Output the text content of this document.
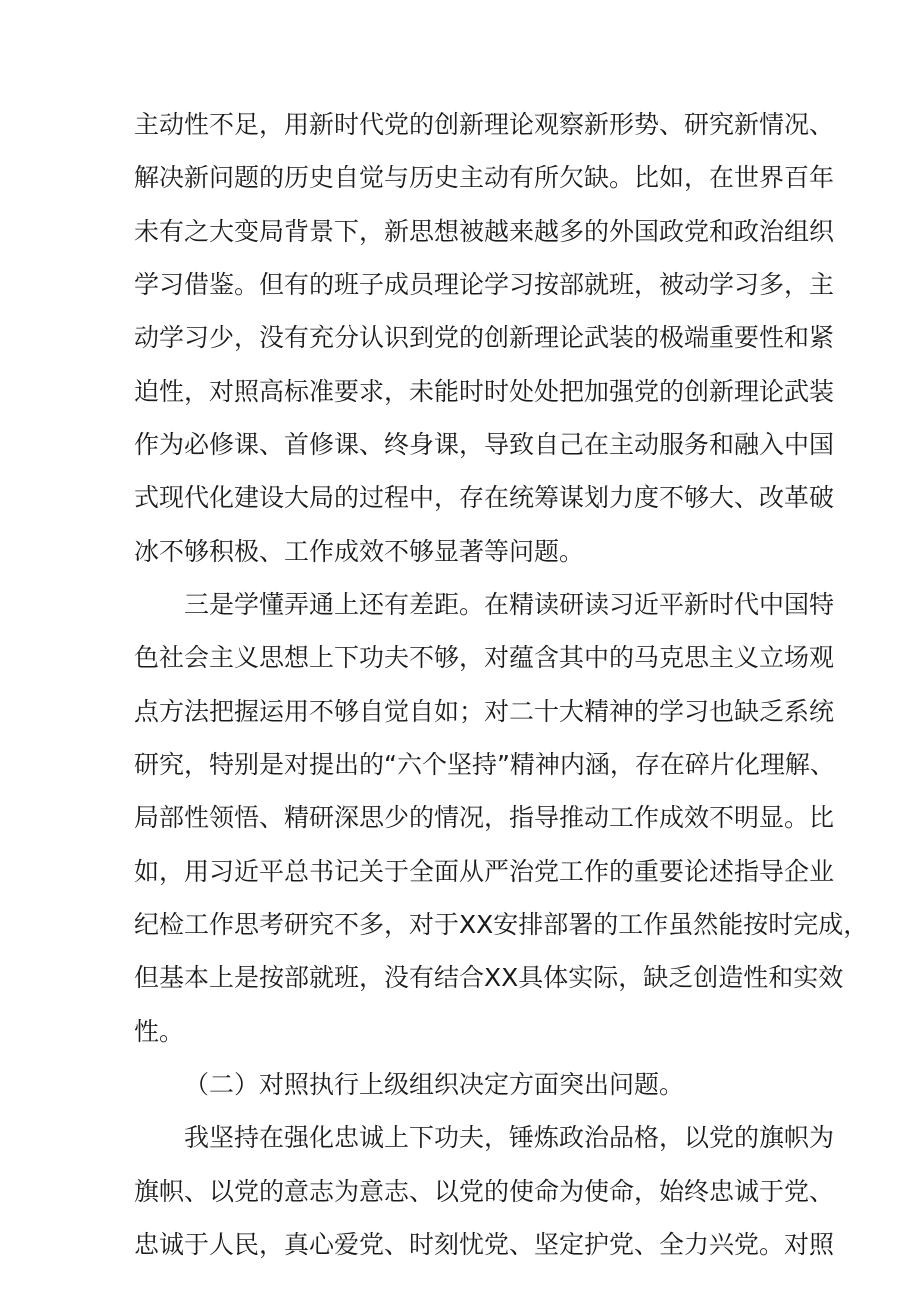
主动性不足，用新时代党的创新理论观察新形势、研究新情况、
解决新问题的历史自觉与历史主动有所欠缺。比如，在世界百年
未有之大变局背景下，新思想被越来越多的外国政党和政治组织
学习借鉴。但有的班子成员理论学习按部就班，被动学习多，主
动学习少，没有充分认识到党的创新理论武装的极端重要性和紧
迫性，对照高标准要求，未能时时处处把加强党的创新理论武装
作为必修课、首修课、终身课，导致自己在主动服务和融入中国
式现代化建设大局的过程中，存在统筹谋划力度不够大、改革破
冰不够积极、工作成效不够显著等问题。
三是学懂弄通上还有差距。在精读研读习近平新时代中国特
色社会主义思想上下功夫不够，对蕴含其中的马克思主义立场观
点方法把握运用不够自觉自如；对二十大精神的学习也缺乏系统
研究，特别是对提出的“六个坚持”精神内涵，存在碎片化理解、
局部性领悟、精研深思少的情况，指导推动工作成效不明显。比
如，用习近平总书记关于全面从严治党工作的重要论述指导企业
纪检工作思考研究不多，对于XX安排部署的工作虽然能按时完成，
但基本上是按部就班，没有结合XX具体实际，缺乏创造性和实效
性。
（二）对照执行上级组织决定方面突出问题。
我坚持在强化忠诚上下功夫，锤炼政治品格，以党的旗帜为
旗帜、以党的意志为意志、以党的使命为使命，始终忠诚于党、
忠诚于人民，真心爱党、时刻忧党、坚定护党、全力兴党。对照
